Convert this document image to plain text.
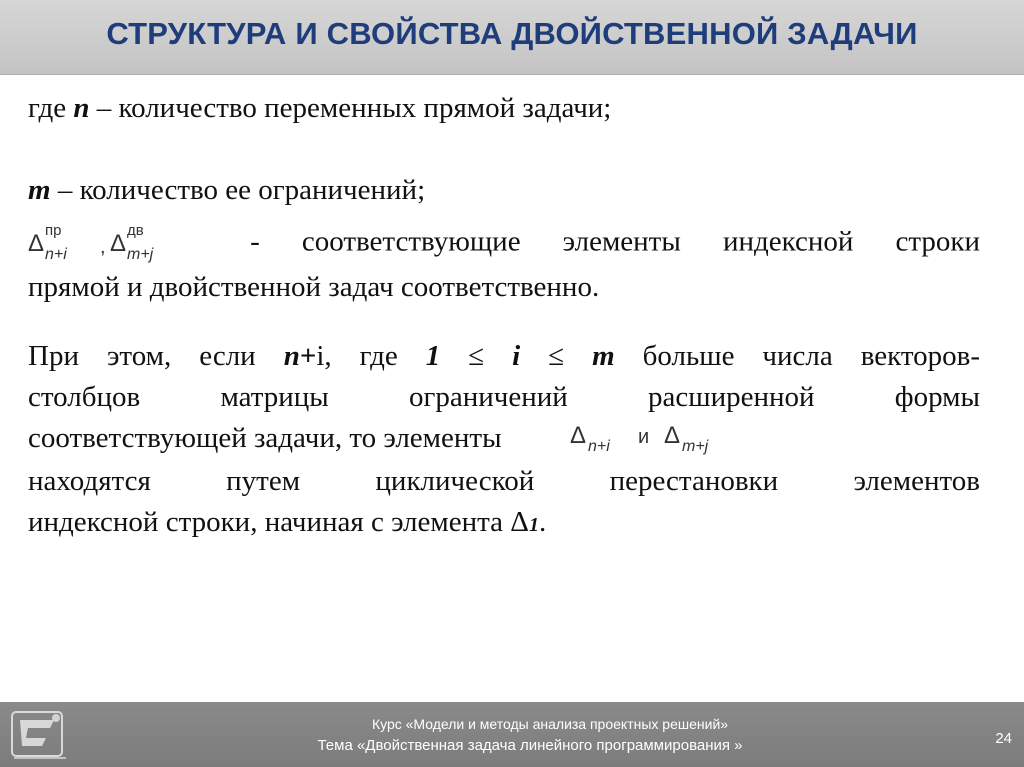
СТРУКТУРА И СВОЙСТВА ДВОЙСТВЕННОЙ ЗАДАЧИ

где n – количество переменных прямой задачи;

m – количество ее ограничений;

Δ пр
n+i , Δ дв
m+j - соответствующие элементы индексной строки

прямой и двойственной задач соответственно.

При этом, если n+i, где 1 ≤ i ≤ m больше числа векторов-

столбцов матрицы ограничений расширенной формы

соответствующей задачи, то элементы	Δ n+i и Δ m+j

находятся путем циклической перестановки элементов

индексной строки, начиная с элемента Δ1.

Курс «Модели и методы анализа проектных решений»
Тема «Двойственная задача линейного программирования »	24
